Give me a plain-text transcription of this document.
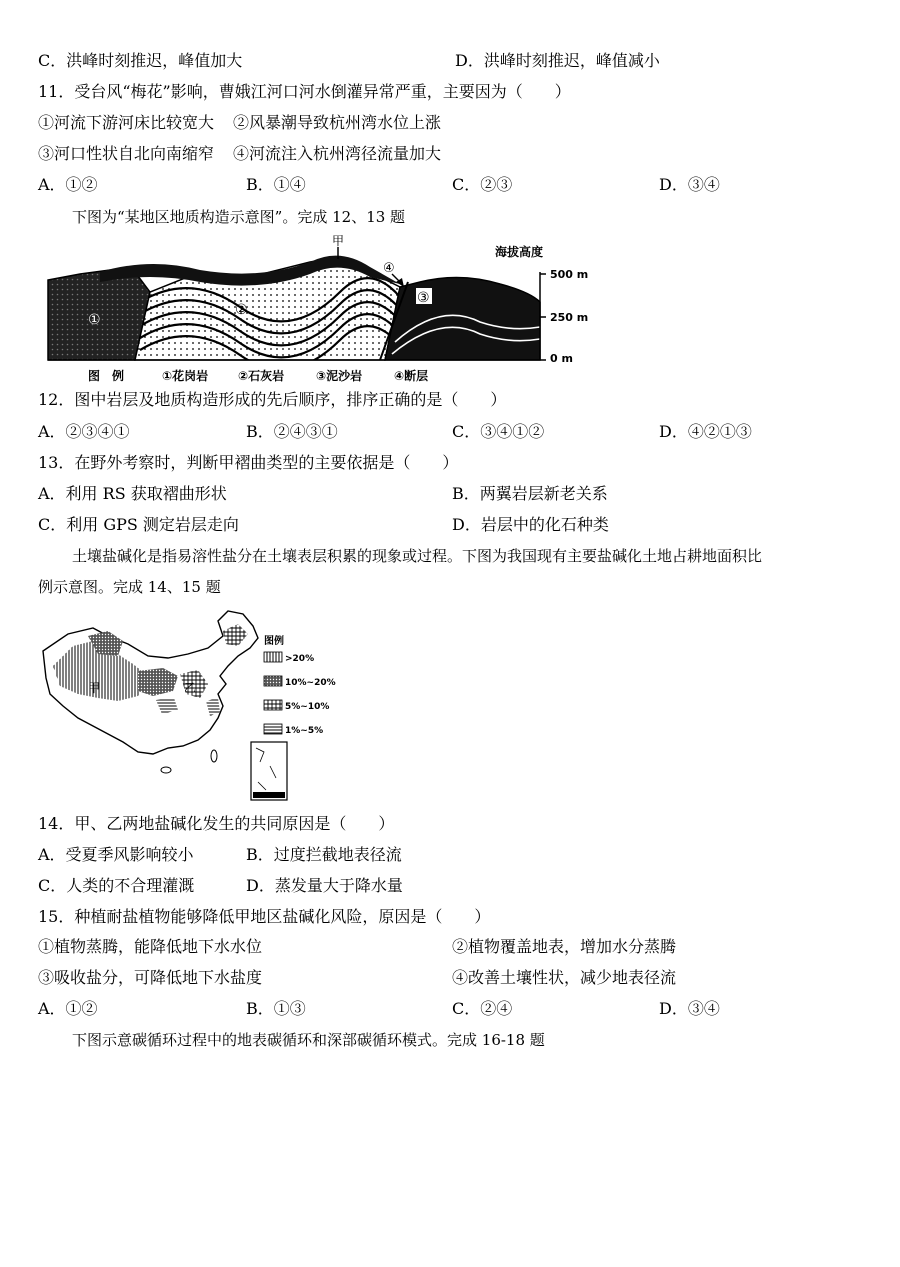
C．洪峰时刻推迟，峰值加大	D．洪峰时刻推迟，峰值减小
11．受台风“梅花”影响，曹娥江河口河水倒灌异常严重，主要因为（　　）
①河流下游河床比较宽大 ②风暴潮导致杭州湾水位上涨
③河口性状自北向南缩窄 ④河流注入杭州湾径流量加大
A．①②	B．①④	C．②③	D．③④
下图为“某地区地质构造示意图”。完成 12、13 题
甲
④
①
②
③
海拔高度
500 m
250 m
0 m
图　例	①花岗岩 ②石灰岩	③泥沙岩	④断层
12．图中岩层及地质构造形成的先后顺序，排序正确的是（　　）
A．②③④①	B．②④③①	C．③④①②	D．④②①③
13．在野外考察时，判断甲褶曲类型的主要依据是（　　）
A．利用 RS 获取褶曲形状	B．两翼岩层新老关系
C．利用 GPS 测定岩层走向	D．岩层中的化石种类
土壤盐碱化是指易溶性盐分在土壤表层积累的现象或过程。下图为我国现有主要盐碱化土地占耕地面积比
例示意图。完成 14、15 题
甲	乙
图例
>20%
10%~20%
5%~10%
1%~5%
14．甲、乙两地盐碱化发生的共同原因是（　　）
A．受夏季风影响较小	B．过度拦截地表径流
C．人类的不合理灌溉	D．蒸发量大于降水量
15．种植耐盐植物能够降低甲地区盐碱化风险，原因是（　　）
①植物蒸腾，能降低地下水水位	②植物覆盖地表，增加水分蒸腾
③吸收盐分，可降低地下水盐度	④改善土壤性状，减少地表径流
A．①②	B．①③	C．②④	D．③④
下图示意碳循环过程中的地表碳循环和深部碳循环模式。完成 16-18 题
